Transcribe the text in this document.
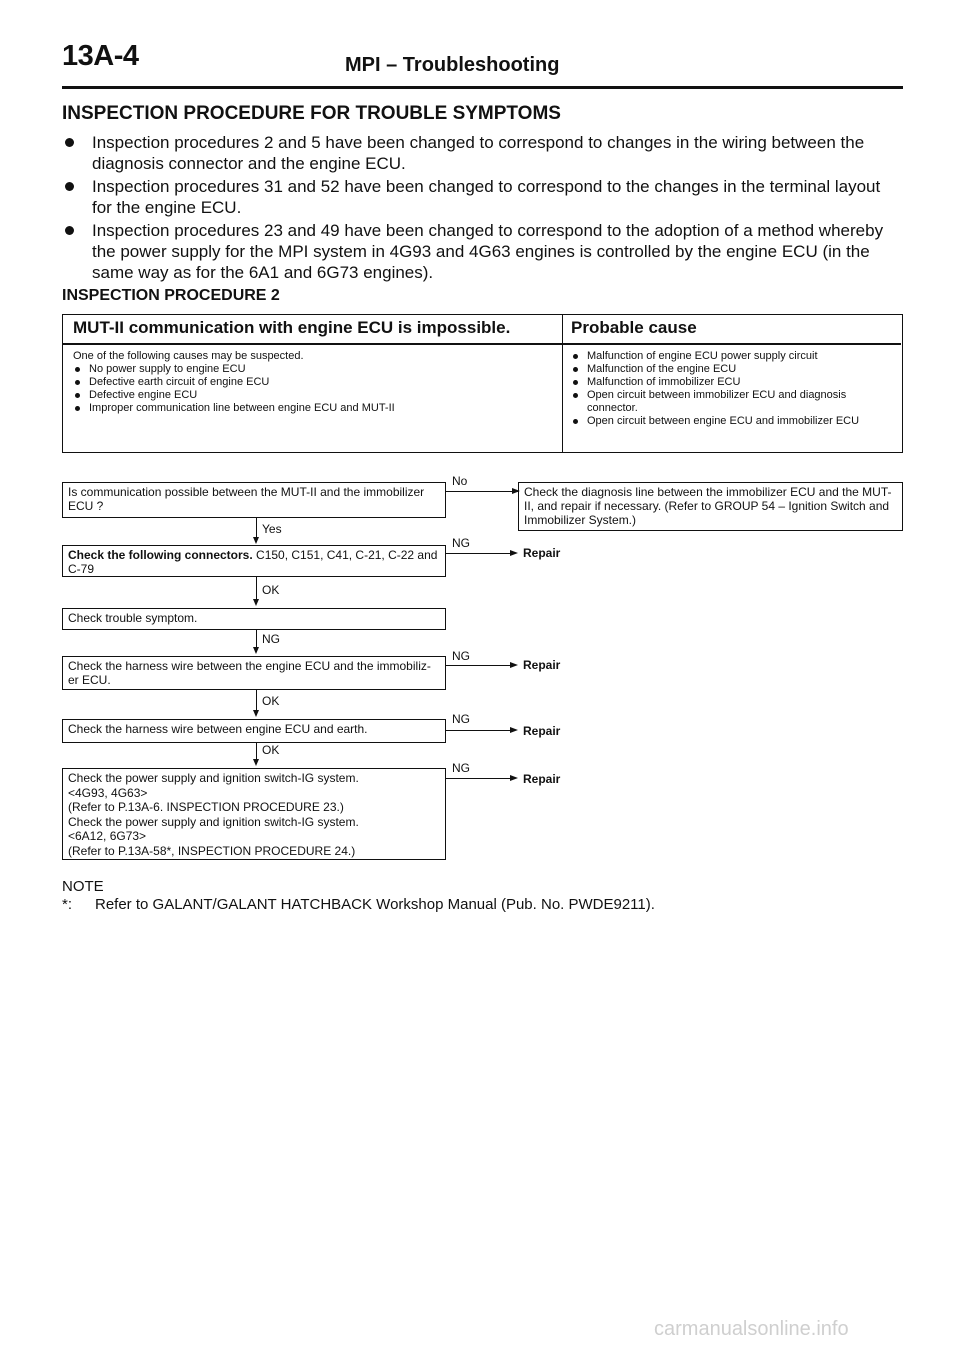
13A-4	MPI – Troubleshooting
INSPECTION PROCEDURE FOR TROUBLE SYMPTOMS
Inspection procedures 2 and 5 have been changed to correspond to changes in the wiring between the diagnosis connector and the engine ECU.
Inspection procedures 31 and 52 have been changed to correspond to the changes in the terminal layout for the engine ECU.
Inspection procedures 23 and 49 have been changed to correspond to the adoption of a method whereby the power supply for the MPI system in 4G93 and 4G63 engines is controlled by the engine ECU (in the same way as for the 6A1 and 6G73 engines).
INSPECTION PROCEDURE 2
MUT-II communication with engine ECU is impossible.	Probable cause
One of the following causes may be suspected.
No power supply to engine ECU
Defective earth circuit of engine ECU
Defective engine ECU
Improper communication line between engine ECU and MUT-II
Malfunction of engine ECU power supply circuit
Malfunction of the engine ECU
Malfunction of immobilizer ECU
Open circuit between immobilizer ECU and diagnosis connector.
Open circuit between engine ECU and immobilizer ECU
Is communication possible between the MUT-II and the immobilizer ECU ?
No
Check the diagnosis line between the immobilizer ECU and the MUT-II, and repair if necessary. (Refer to GROUP 54 – Ignition Switch and Immobilizer System.)
Yes
Check the following connectors. C150, C151, C41, C-21, C-22 and C-79
NG
Repair
OK
Check trouble symptom.
NG
Check the harness wire between the engine ECU and the immobiliz- er ECU.
NG
Repair
OK
Check the harness wire between engine ECU and earth.
NG
Repair
OK
Check the power supply and ignition switch-IG system.
<4G93, 4G63>
(Refer to P.13A-6. INSPECTION PROCEDURE 23.)
Check the power supply and ignition switch-IG system.
<6A12, 6G73>
(Refer to P.13A-58*, INSPECTION PROCEDURE 24.)
NG
Repair
NOTE
*: Refer to GALANT/GALANT HATCHBACK Workshop Manual (Pub. No. PWDE9211).
carmanualsonline.info
